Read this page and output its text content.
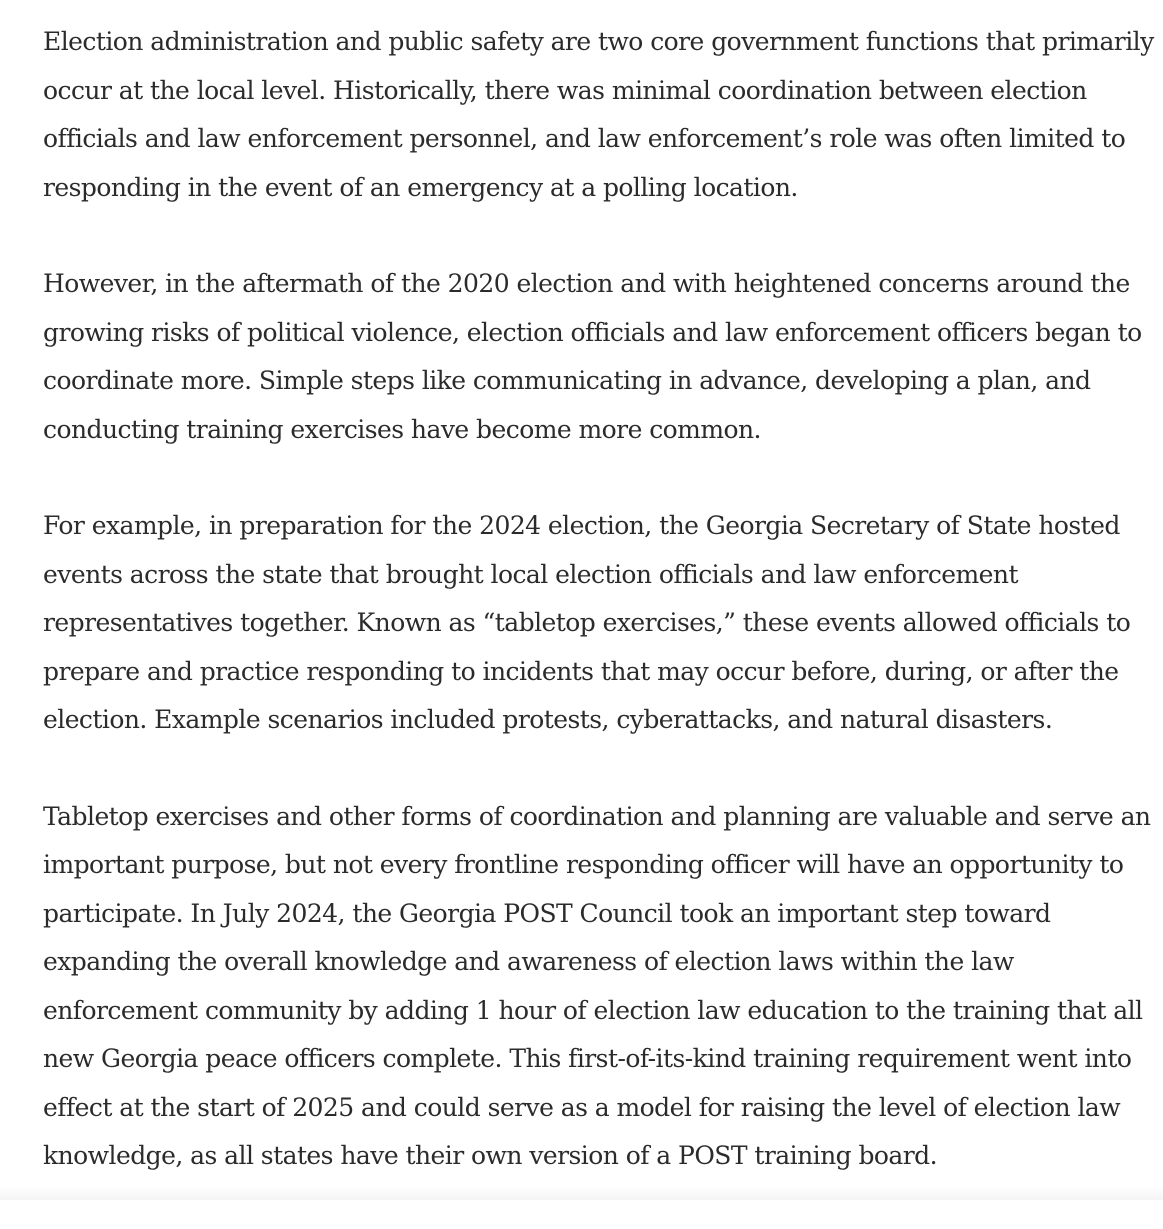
Election administration and public safety are two core government functions that primarily
occur at the local level. Historically, there was minimal coordination between election
officials and law enforcement personnel, and law enforcement’s role was often limited to
responding in the event of an emergency at a polling location.
However, in the aftermath of the 2020 election and with heightened concerns around the
growing risks of political violence, election officials and law enforcement officers began to
coordinate more. Simple steps like communicating in advance, developing a plan, and
conducting training exercises have become more common.
For example, in preparation for the 2024 election, the Georgia Secretary of State hosted
events across the state that brought local election officials and law enforcement
representatives together. Known as “tabletop exercises,” these events allowed officials to
prepare and practice responding to incidents that may occur before, during, or after the
election. Example scenarios included protests, cyberattacks, and natural disasters.
Tabletop exercises and other forms of coordination and planning are valuable and serve an
important purpose, but not every frontline responding officer will have an opportunity to
participate. In July 2024, the Georgia POST Council took an important step toward
expanding the overall knowledge and awareness of election laws within the law
enforcement community by adding 1 hour of election law education to the training that all
new Georgia peace officers complete. This first-of-its-kind training requirement went into
effect at the start of 2025 and could serve as a model for raising the level of election law
knowledge, as all states have their own version of a POST training board.
